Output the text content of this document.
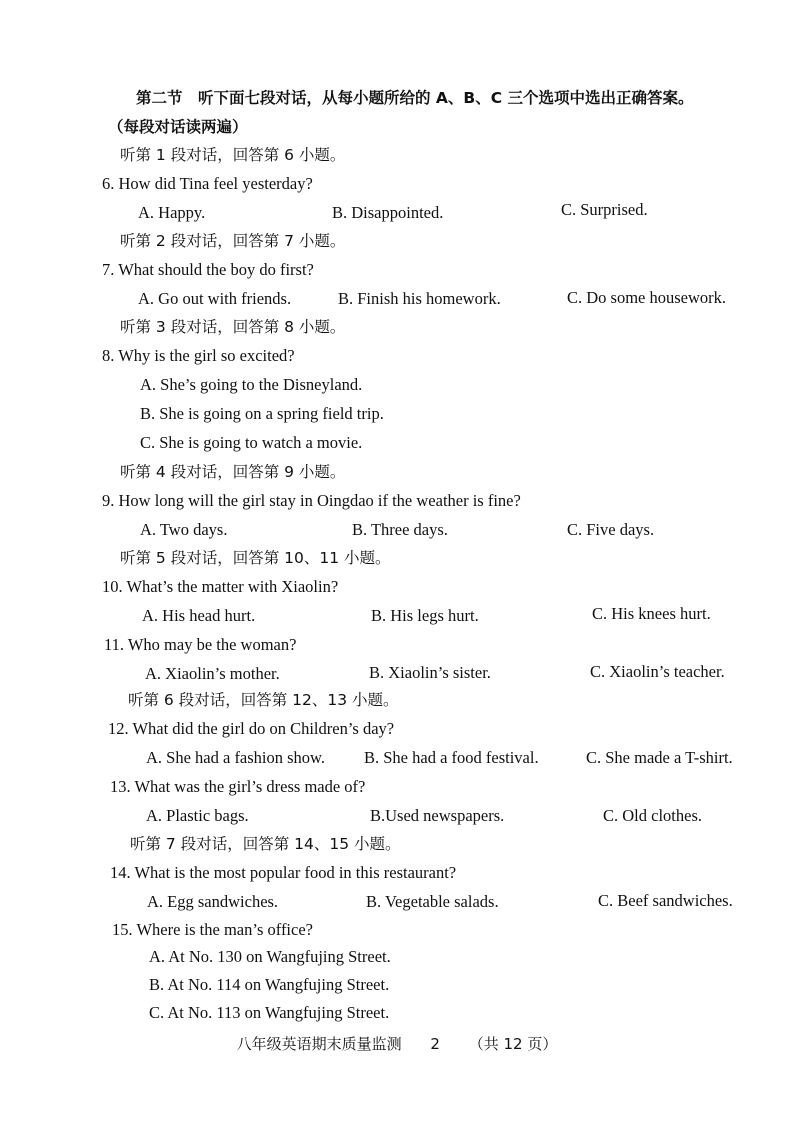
第二节　听下面七段对话，从每小题所给的 A、B、C 三个选项中选出正确答案。
（每段对话读两遍）
听第 1 段对话，回答第 6 小题。
6. How did Tina feel yesterday?
A. Happy.	B. Disappointed.	C. Surprised.
听第 2 段对话，回答第 7 小题。
7. What should the boy do first?
A. Go out with friends.	B. Finish his homework.	C. Do some housework.
听第 3 段对话，回答第 8 小题。
8. Why is the girl so excited?
A. She’s going to the Disneyland.
B. She is going on a spring field trip.
C. She is going to watch a movie.
听第 4 段对话，回答第 9 小题。
9. How long will the girl stay in Oingdao if the weather is fine?
A. Two days.	B. Three days.	C. Five days.
听第 5 段对话，回答第 10、11 小题。
10. What’s the matter with Xiaolin?
A. His head hurt.	B. His legs hurt.	C. His knees hurt.
11. Who may be the woman?
A. Xiaolin’s mother.	B. Xiaolin’s sister.	C. Xiaolin’s teacher.
听第 6 段对话，回答第 12、13 小题。
12. What did the girl do on Children’s day?
A. She had a fashion show. B. She had a food festival.	C. She made a T-shirt.
13. What was the girl’s dress made of?
A. Plastic bags.	B.Used newspapers.	C. Old clothes.
听第 7 段对话，回答第 14、15 小题。
14. What is the most popular food in this restaurant?
A. Egg sandwiches.	B. Vegetable salads.	C. Beef sandwiches.
15. Where is the man’s office?
A. At No. 130 on Wangfujing Street.
B. At No. 114 on Wangfujing Street.
C. At No. 113 on Wangfujing Street.
八年级英语期末质量监测 2 （共 12 页）
